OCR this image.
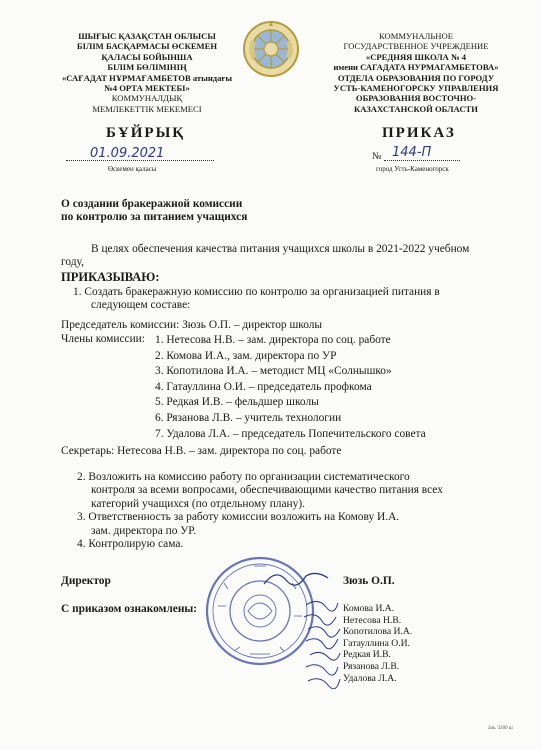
ШЫҒЫС ҚАЗАҚСТАН ОБЛЫСЫ
БІЛІМ БАСҚАРМАСЫ ӨСКЕМЕН
ҚАЛАСЫ БОЙЫНША
БІЛІМ БӨЛІМІНІҢ
«САҒАДАТ НҰРМАҒАМБЕТОВ атындағы
№4 ОРТА МЕКТЕБІ»
КОММУНАЛДЫҚ
МЕМЛЕКЕТТІК МЕКЕМЕСІ
КОММУНАЛЬНОЕ
ГОСУДАРСТВЕННОЕ УЧРЕЖДЕНИЕ
«СРЕДНЯЯ ШКОЛА № 4
имени САГАДАТА НУРМАГАМБЕТОВА»
ОТДЕЛА ОБРАЗОВАНИЯ ПО ГОРОДУ
УСТЬ-КАМЕНОГОРСКУ УПРАВЛЕНИЯ
ОБРАЗОВАНИЯ ВОСТОЧНО-
КАЗАХСТАНСКОЙ ОБЛАСТИ
БҰЙРЫҚ	ПРИКАЗ
01.09.2021
Өскемен қаласы
№ 144-П
город Усть-Каменогорск
О создании бракеражной комиссии
по контролю за питанием учащихся
В целях обеспечения качества питания учащихся школы в 2021-2022 учебном году,
ПРИКАЗЫВАЮ:
1. Создать бракеражную комиссию по контролю за организацией питания в
следующем составе:
Председатель комиссии: Зюзь О.П. – директор школы
Члены комиссии: 1. Нетесова Н.В. – зам. директора по соц. работе
2. Комова И.А., зам. директора по УР
3. Копотилова И.А. – методист МЦ «Солнышко»
4. Гатауллина О.И. – председатель профкома
5. Редкая И.В. – фельдшер школы
6. Рязанова Л.В. – учитель технологии
7. Удалова Л.А. – председатель Попечительского совета
Секретарь: Нетесова Н.В. – зам. директора по соц. работе
2. Возложить на комиссию работу по организации систематического
контроля за всеми вопросами, обеспечивающими качество питания всех
категорий учащихся (по отдельному плану).
3. Ответственность за работу комиссии возложить на Комову И.А.
зам. директора по УР.
4. Контролирую сама.
Директор	Зюзь О.П.
С приказом ознакомлены:	Комова И.А.
Нетесова Н.В.
Копотилова И.А.
Гатауллина О.И.
Редкая И.В.
Рязанова Л.В.
Удалова Л.А.
Зак. 3200 ш
